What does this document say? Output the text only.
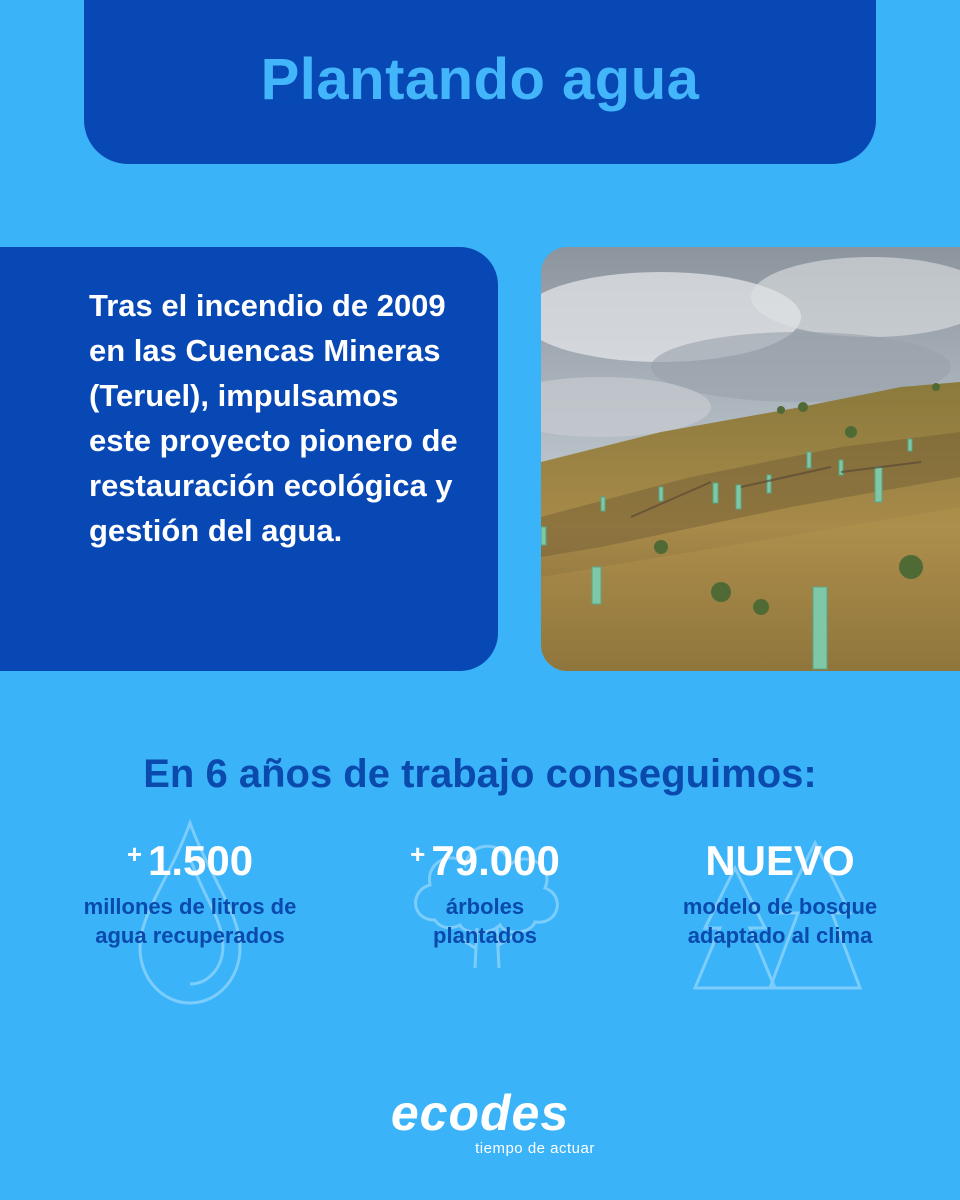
Plantando agua

Tras el incendio de 2009 en las Cuencas Mineras (Teruel), impulsamos este proyecto pionero de restauración ecológica y gestión del agua.

En 6 años de trabajo conseguimos:
+ 1.500
millones de litros de agua recuperados
+ 79.000
árboles plantados
NUEVO
modelo de bosque adaptado al clima
ecodes
tiempo de actuar
